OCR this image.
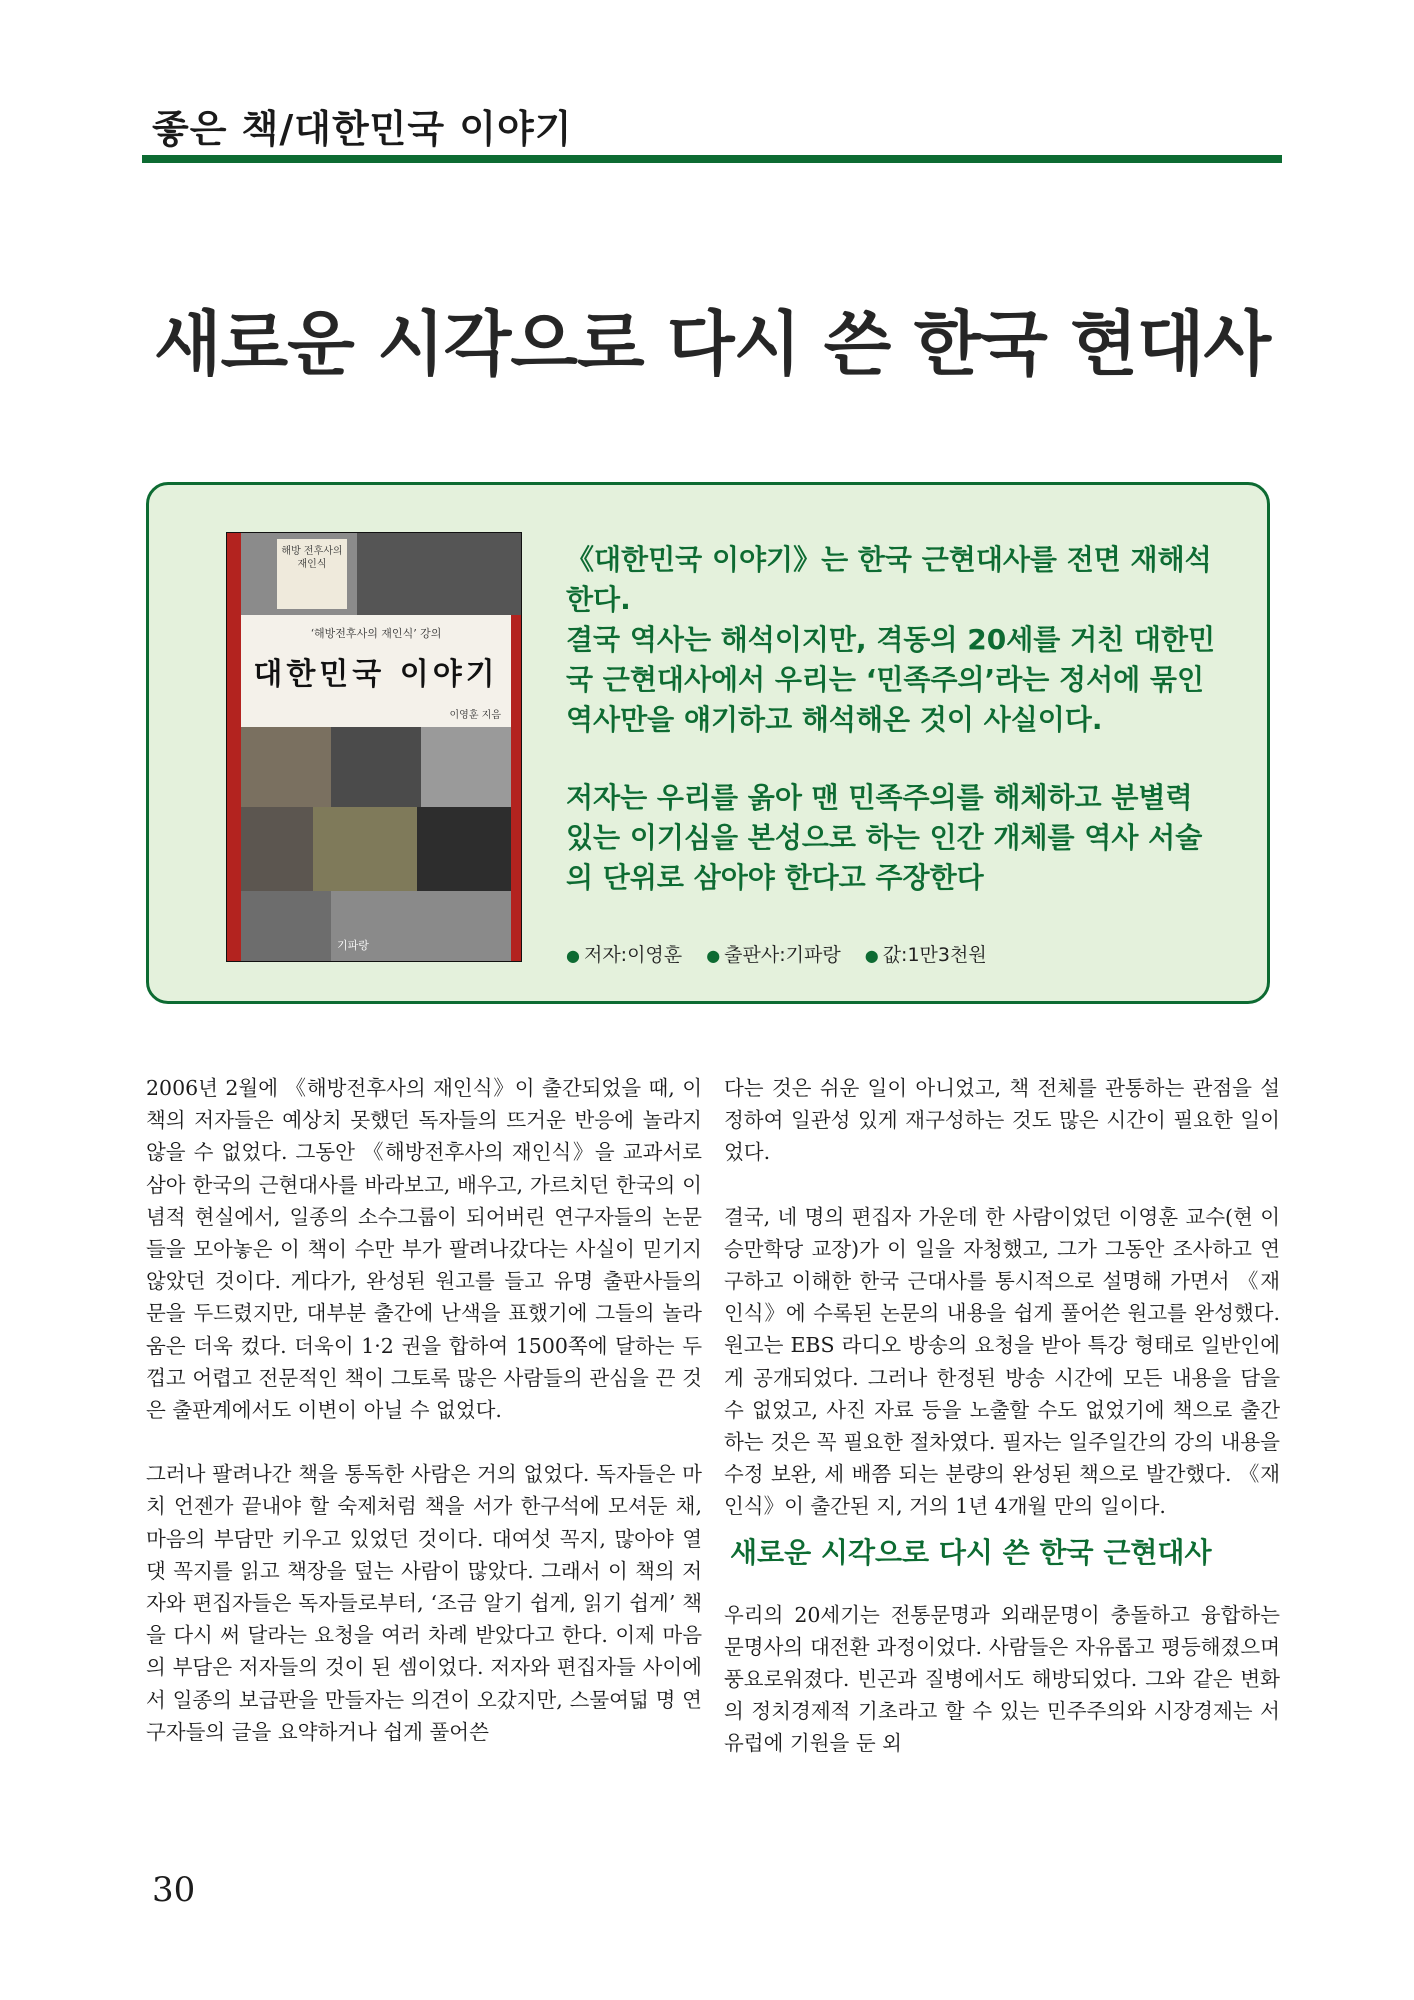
좋은 책/대한민국 이야기
새로운 시각으로 다시 쓴 한국 현대사
해방 전후사의 재인식
‘해방전후사의 재인식’ 강의
대한민국 이야기
이영훈 지음
기파랑

《대한민국 이야기》는 한국 근현대사를 전면 재해석한다.

결국 역사는 해석이지만, 격동의 20세를 거친 대한민국 근현대사에서 우리는 ‘민족주의’라는 정서에 묶인 역사만을 얘기하고 해석해온 것이 사실이다.

저자는 우리를 옭아 맨 민족주의를 해체하고 분별력 있는 이기심을 본성으로 하는 인간 개체를 역사 서술의 단위로 삼아야 한다고 주장한다

● 저자:이영훈 ● 출판사:기파랑 ● 값:1만3천원

2006년 2월에 《해방전후사의 재인식》이 출간되었을 때, 이 책의 저자들은 예상치 못했던 독자들의 뜨거운 반응에 놀라지 않을 수 없었다. 그동안 《해방전후사의 재인식》을 교과서로 삼아 한국의 근현대사를 바라보고, 배우고, 가르치던 한국의 이념적 현실에서, 일종의 소수그룹이 되어버린 연구자들의 논문들을 모아놓은 이 책이 수만 부가 팔려나갔다는 사실이 믿기지 않았던 것이다. 게다가, 완성된 원고를 들고 유명 출판사들의 문을 두드렸지만, 대부분 출간에 난색을 표했기에 그들의 놀라움은 더욱 컸다. 더욱이 1·2 권을 합하여 1500쪽에 달하는 두껍고 어렵고 전문적인 책이 그토록 많은 사람들의 관심을 끈 것은 출판계에서도 이변이 아닐 수 없었다.

그러나 팔려나간 책을 통독한 사람은 거의 없었다. 독자들은 마치 언젠가 끝내야 할 숙제처럼 책을 서가 한구석에 모셔둔 채, 마음의 부담만 키우고 있었던 것이다. 대여섯 꼭지, 많아야 열댓 꼭지를 읽고 책장을 덮는 사람이 많았다. 그래서 이 책의 저자와 편집자들은 독자들로부터, ‘조금 알기 쉽게, 읽기 쉽게’ 책을 다시 써 달라는 요청을 여러 차례 받았다고 한다. 이제 마음의 부담은 저자들의 것이 된 셈이었다. 저자와 편집자들 사이에서 일종의 보급판을 만들자는 의견이 오갔지만, 스물여덟 명 연구자들의 글을 요약하거나 쉽게 풀어쓴

다는 것은 쉬운 일이 아니었고, 책 전체를 관통하는 관점을 설정하여 일관성 있게 재구성하는 것도 많은 시간이 필요한 일이었다.

결국, 네 명의 편집자 가운데 한 사람이었던 이영훈 교수(현 이승만학당 교장)가 이 일을 자청했고, 그가 그동안 조사하고 연구하고 이해한 한국 근대사를 통시적으로 설명해 가면서 《재인식》에 수록된 논문의 내용을 쉽게 풀어쓴 원고를 완성했다. 원고는 EBS 라디오 방송의 요청을 받아 특강 형태로 일반인에게 공개되었다. 그러나 한정된 방송 시간에 모든 내용을 담을 수 없었고, 사진 자료 등을 노출할 수도 없었기에 책으로 출간하는 것은 꼭 필요한 절차였다. 필자는 일주일간의 강의 내용을 수정 보완, 세 배쯤 되는 분량의 완성된 책으로 발간했다. 《재인식》이 출간된 지, 거의 1년 4개월 만의 일이다.

새로운 시각으로 다시 쓴 한국 근현대사

우리의 20세기는 전통문명과 외래문명이 충돌하고 융합하는 문명사의 대전환 과정이었다. 사람들은 자유롭고 평등해졌으며 풍요로워졌다. 빈곤과 질병에서도 해방되었다. 그와 같은 변화의 정치경제적 기초라고 할 수 있는 민주주의와 시장경제는 서유럽에 기원을 둔 외

30
